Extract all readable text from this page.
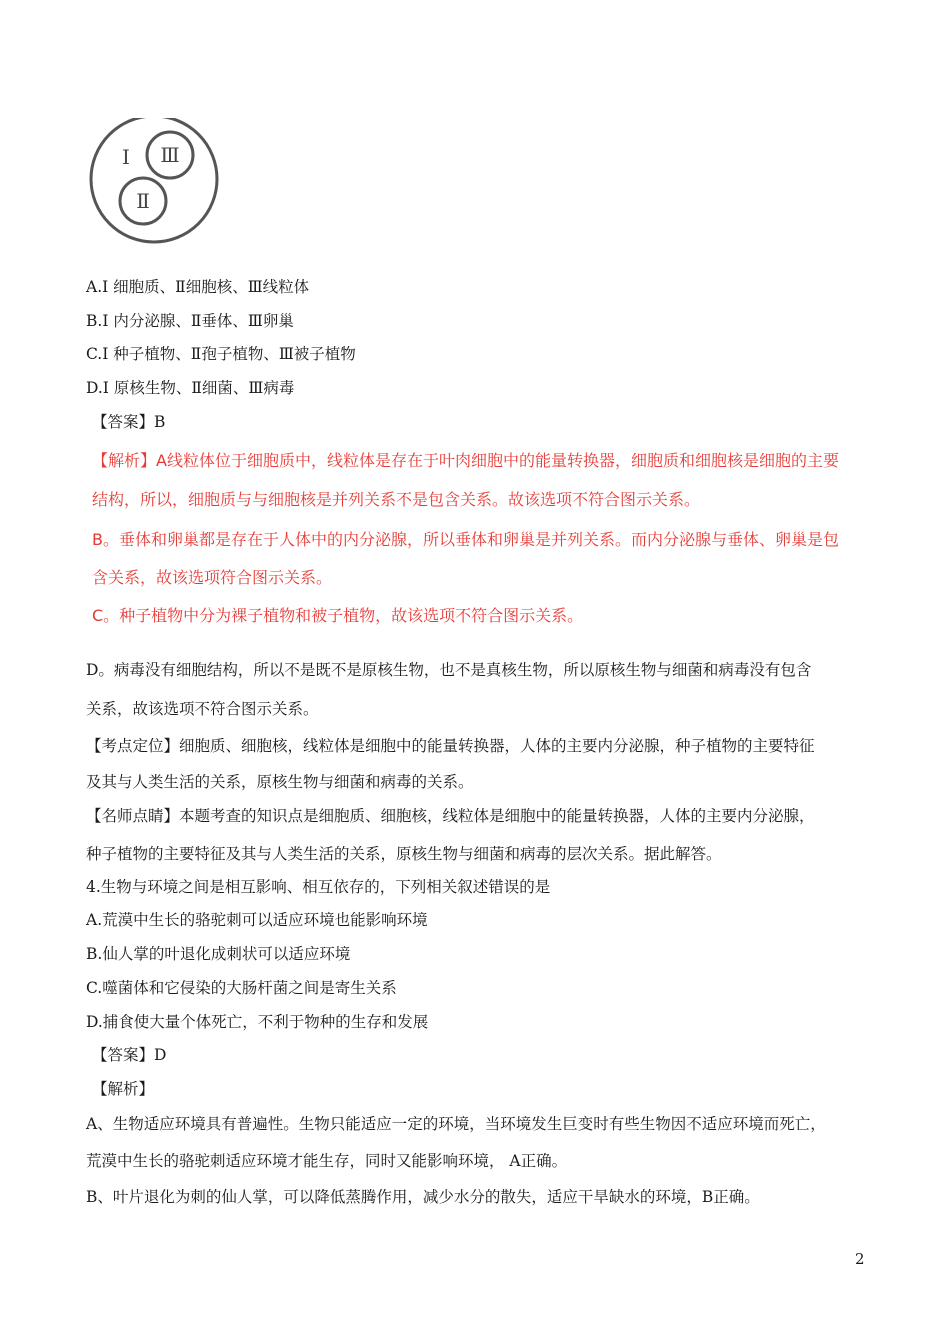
Ⅰ Ⅲ
Ⅱ
A.Ⅰ 细胞质、Ⅱ细胞核、Ⅲ线粒体
B.Ⅰ 内分泌腺、Ⅱ垂体、Ⅲ卵巢
C.Ⅰ 种子植物、Ⅱ孢子植物、Ⅲ被子植物
D.Ⅰ 原核生物、Ⅱ细菌、Ⅲ病毒
【答案】B
【解析】A线粒体位于细胞质中，线粒体是存在于叶肉细胞中的能量转换器，细胞质和细胞核是细胞的主要
结构，所以，细胞质与与细胞核是并列关系不是包含关系。故该选项不符合图示关系。
B。垂体和卵巢都是存在于人体中的内分泌腺，所以垂体和卵巢是并列关系。而内分泌腺与垂体、卵巢是包
含关系，故该选项符合图示关系。
C。种子植物中分为裸子植物和被子植物，故该选项不符合图示关系。
D。病毒没有细胞结构，所以不是既不是原核生物，也不是真核生物，所以原核生物与细菌和病毒没有包含
关系，故该选项不符合图示关系。
【考点定位】细胞质、细胞核，线粒体是细胞中的能量转换器，人体的主要内分泌腺，种子植物的主要特征
及其与人类生活的关系，原核生物与细菌和病毒的关系。
【名师点睛】本题考查的知识点是细胞质、细胞核，线粒体是细胞中的能量转换器，人体的主要内分泌腺，
种子植物的主要特征及其与人类生活的关系，原核生物与细菌和病毒的层次关系。据此解答。
4.生物与环境之间是相互影响、相互依存的，下列相关叙述错误的是
A.荒漠中生长的骆驼刺可以适应环境也能影响环境
B.仙人掌的叶退化成刺状可以适应环境
C.噬菌体和它侵染的大肠杆菌之间是寄生关系
D.捕食使大量个体死亡，不利于物种的生存和发展
【答案】D
【解析】
A、生物适应环境具有普遍性。生物只能适应一定的环境，当环境发生巨变时有些生物因不适应环境而死亡，
荒漠中生长的骆驼刺适应环境才能生存，同时又能影响环境， A正确。
B、叶片退化为刺的仙人掌，可以降低蒸腾作用，减少水分的散失，适应干旱缺水的环境，B正确。
2
